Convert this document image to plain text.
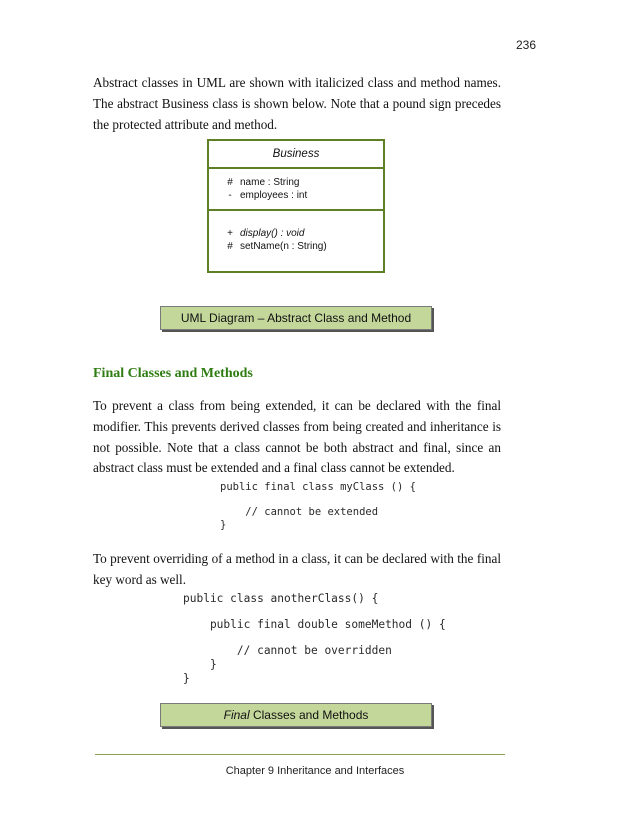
236

Abstract classes in UML are shown with italicized class and method names. The abstract Business class is shown below. Note that a pound sign precedes the protected attribute and method.

Business
# name : String
- employees : int
+ display() : void
# setName(n : String)
UML Diagram – Abstract Class and Method
Final Classes and Methods

To prevent a class from being extended, it can be declared with the final modifier. This prevents derived classes from being created and inheritance is not possible. Note that a class cannot be both abstract and final, since an abstract class must be extended and a final class cannot be extended.

public final class myClass () {

// cannot be extended

}

To prevent overriding of a method in a class, it can be declared with the final key word as well.

public class anotherClass() {

public final double someMethod () {

// cannot be overridden

}

}

Final Classes and Methods
Chapter 9 Inheritance and Interfaces
